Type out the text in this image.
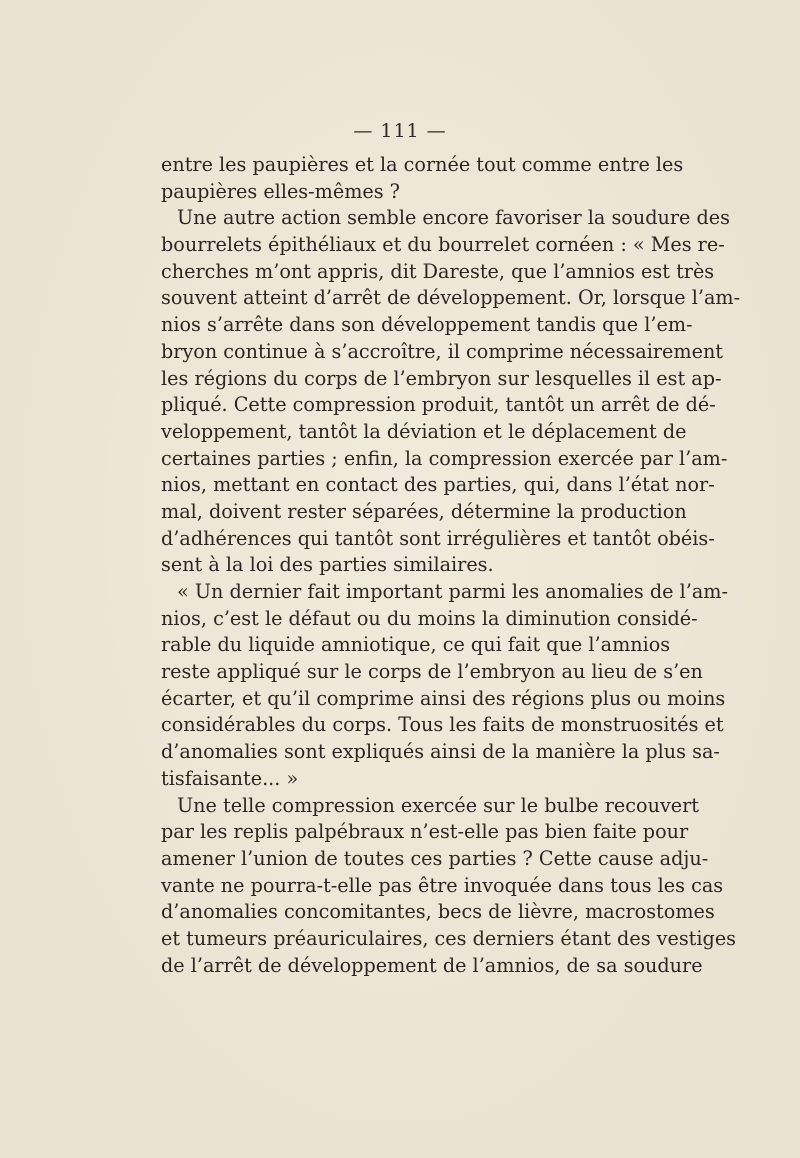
— 111 —
entre les paupières et la cornée tout comme entre les
paupières elles-mêmes ?
Une autre action semble encore favoriser la soudure des
bourrelets épithéliaux et du bourrelet cornéen : « Mes re-
cherches m’ont appris, dit Dareste, que l’amnios est très
souvent atteint d’arrêt de développement. Or, lorsque l’am-
nios s’arrête dans son développement tandis que l’em-
bryon continue à s’accroître, il comprime nécessairement
les régions du corps de l’embryon sur lesquelles il est ap-
pliqué. Cette compression produit, tantôt un arrêt de dé-
veloppement, tantôt la déviation et le déplacement de
certaines parties ; enfin, la compression exercée par l’am-
nios, mettant en contact des parties, qui, dans l’état nor-
mal, doivent rester séparées, détermine la production
d’adhérences qui tantôt sont irrégulières et tantôt obéis-
sent à la loi des parties similaires.
« Un dernier fait important parmi les anomalies de l’am-
nios, c’est le défaut ou du moins la diminution considé-
rable du liquide amniotique, ce qui fait que l’amnios
reste appliqué sur le corps de l’embryon au lieu de s’en
écarter, et qu’il comprime ainsi des régions plus ou moins
considérables du corps. Tous les faits de monstruosités et
d’anomalies sont expliqués ainsi de la manière la plus sa-
tisfaisante... »
Une telle compression exercée sur le bulbe recouvert
par les replis palpébraux n’est-elle pas bien faite pour
amener l’union de toutes ces parties ? Cette cause adju-
vante ne pourra-t-elle pas être invoquée dans tous les cas
d’anomalies concomitantes, becs de lièvre, macrostomes
et tumeurs préauriculaires, ces derniers étant des vestiges
de l’arrêt de développement de l’amnios, de sa soudure
